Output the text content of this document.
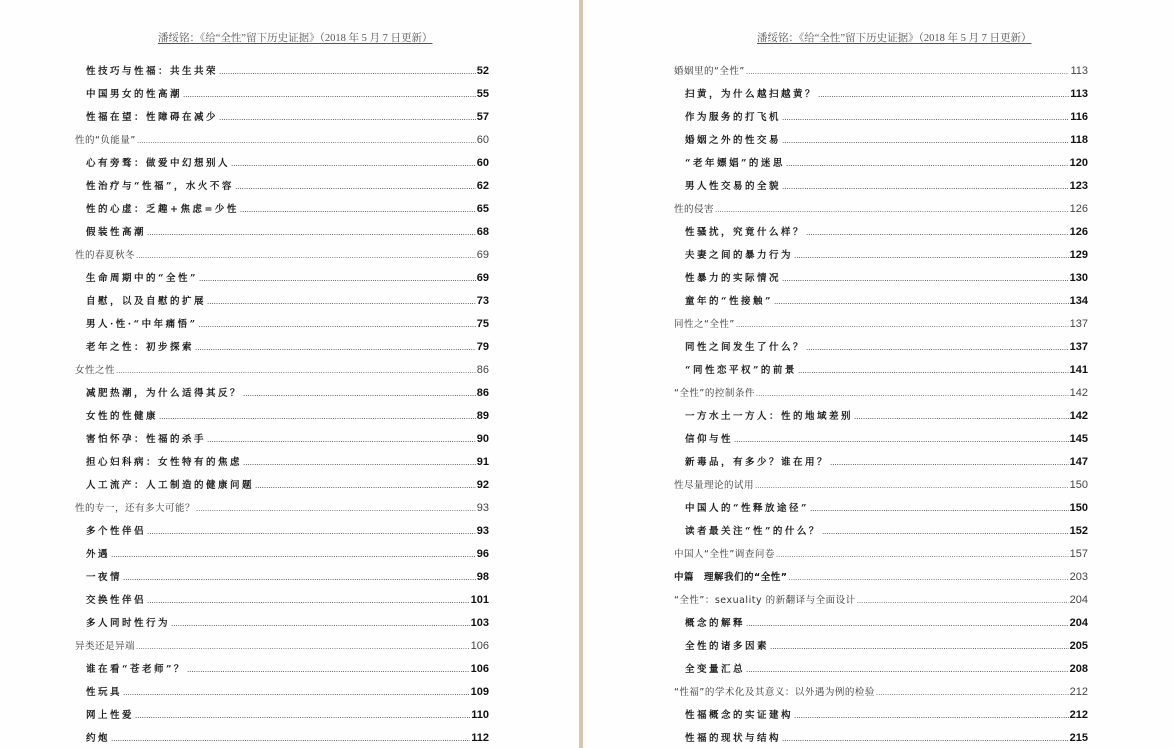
潘绥铭：《给“全性”留下历史证据》（2018 年 5 月 7 日更新）
性技巧与性福：共生共荣 .....	52
中国男女的性高潮 .....	55
性福在望：性障碍在减少 .....	57
性的“负能量” .....	60
心有旁骛：做爱中幻想别人 .....	60
性治疗与“性福”，水火不容 .....	62
性的心虚：乏趣+焦虑=少性 .....	65
假装性高潮 .....	68
性的春夏秋冬 .....	69
生命周期中的“全性” .....	69
自慰，以及自慰的扩展 .....	73
男人·性·“中年痛悟” .....	75
老年之性：初步探索 .....	79
女性之性 .....	86
减肥热潮，为什么适得其反？ .....	86
女性的性健康 .....	89
害怕怀孕：性福的杀手 .....	90
担心妇科病：女性特有的焦虑 .....	91
人工流产：人工制造的健康问题 .....	92
性的专一，还有多大可能？ .....	93
多个性伴侣 .....	93
外遇 .....	96
一夜情 .....	98
交换性伴侣 .....	101
多人同时性行为 .....	103
异类还是异端 .....	106
谁在看“苍老师”？ .....	106
性玩具 .....	109
网上性爱 .....	110
约炮 .....	112
潘绥铭：《给“全性”留下历史证据》（2018 年 5 月 7 日更新）
婚姻里的“全性” .....	113
扫黄，为什么越扫越黄？ .....	113
作为服务的打飞机 .....	116
婚姻之外的性交易 .....	118
“老年嫖娼”的迷思 .....	120
男人性交易的全貌 .....	123
性的侵害 .....	126
性骚扰，究竟什么样？ .....	126
夫妻之间的暴力行为 .....	129
性暴力的实际情况 .....	130
童年的“性接触” .....	134
同性之“全性” .....	137
同性之间发生了什么？ .....	137
“同性恋平权”的前景 .....	141
“全性”的控制条件 .....	142
一方水土一方人：性的地域差别 .....	142
信仰与性 .....	145
新毒品，有多少？谁在用？ .....	147
性尽量理论的试用 .....	150
中国人的“性释放途径” .....	150
读者最关注“性”的什么？ .....	152
中国人“全性”调查问卷 .....	157
中篇　理解我们的“全性” .....	203
“全性”：sexuality 的新翻译与全面设计 .....	204
概念的解释 .....	204
全性的诸多因素 .....	205
全变量汇总 .....	208
“性福”的学术化及其意义：以外遇为例的检验 .....	212
性福概念的实证建构 .....	212
性福的现状与结构 .....	215
